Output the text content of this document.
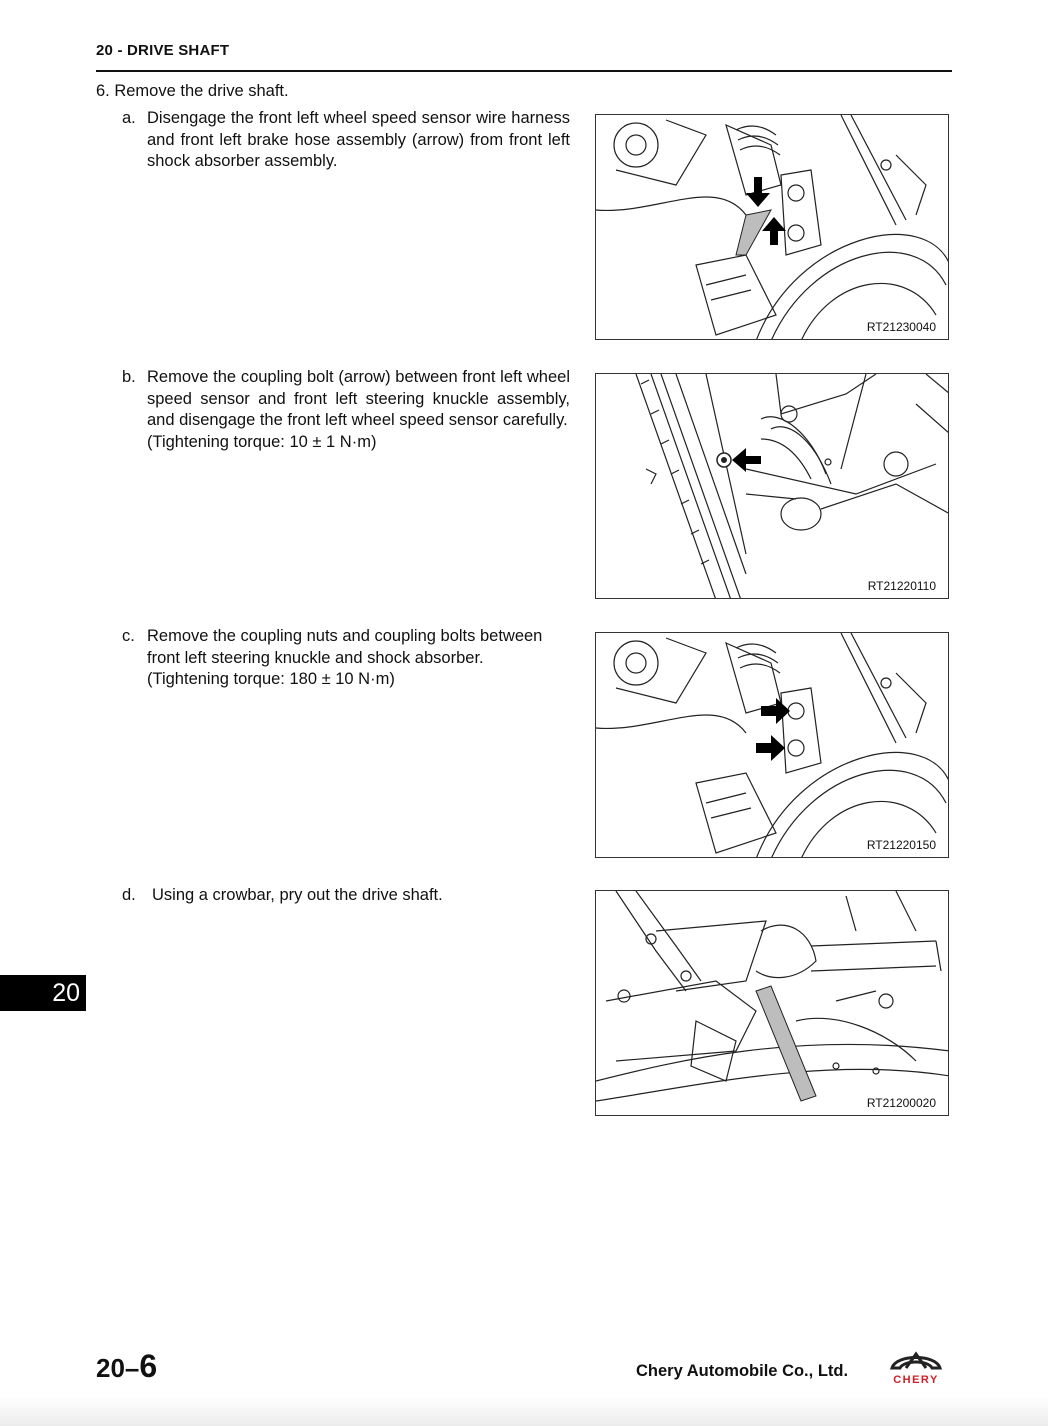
20 - DRIVE SHAFT
6. Remove the drive shaft.
a. Disengage the front left wheel speed sensor wire harness and front left brake hose assembly (arrow) from front left shock absorber assembly.
b. Remove the coupling bolt (arrow) between front left wheel speed sensor and front left steering knuckle assembly, and disengage the front left wheel speed sensor carefully.
(Tightening torque: 10 ± 1 N·m)
c. Remove the coupling nuts and coupling bolts between front left steering knuckle and shock absorber.
(Tightening torque: 180 ± 10 N·m)
d. Using a crowbar, pry out the drive shaft.
RT21230040
RT21220110
RT21220150
RT21200020
20
20–6	Chery Automobile Co., Ltd.	CHERY
